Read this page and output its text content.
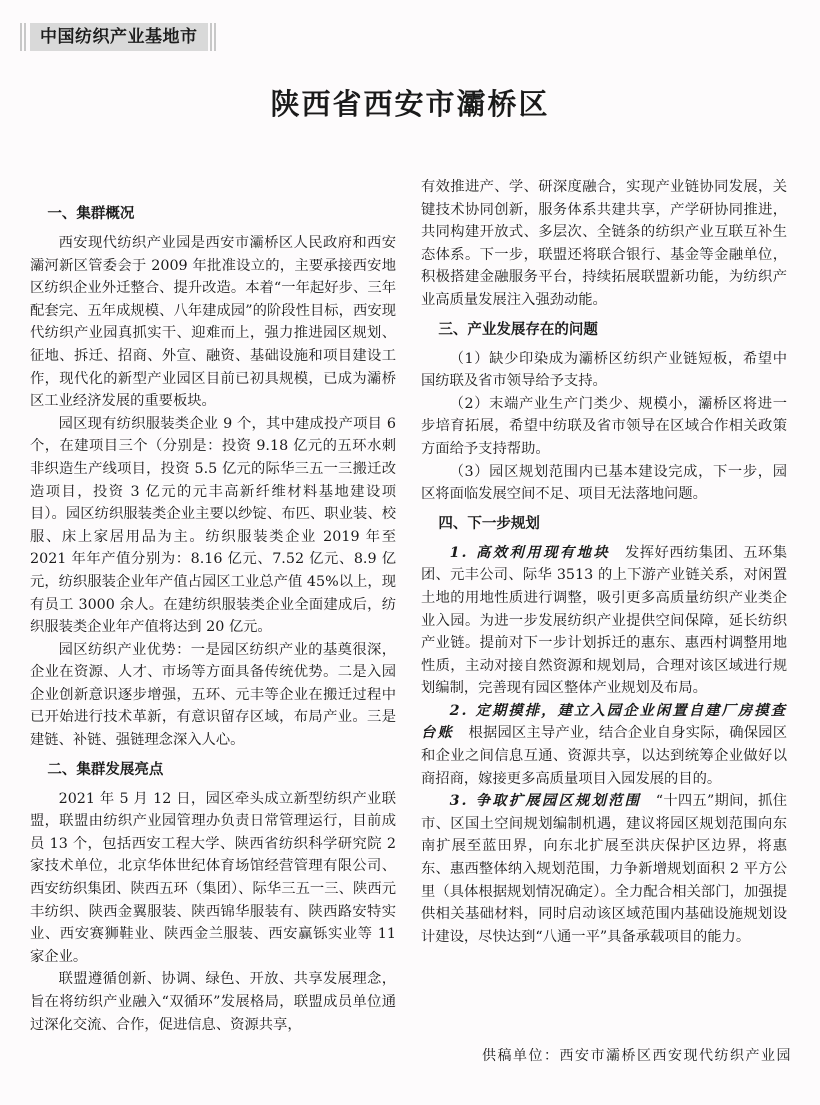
中国纺织产业基地市
陕西省西安市灞桥区
一、集群概况

西安现代纺织产业园是西安市灞桥区人民政府和西安灞河新区管委会于 2009 年批准设立的，主要承接西安地区纺织企业外迁整合、提升改造。本着“一年起好步、三年配套完、五年成规模、八年建成园”的阶段性目标，西安现代纺织产业园真抓实干、迎难而上，强力推进园区规划、征地、拆迁、招商、外宣、融资、基础设施和项目建设工作，现代化的新型产业园区目前已初具规模，已成为灞桥区工业经济发展的重要板块。

园区现有纺织服装类企业 9 个，其中建成投产项目 6 个，在建项目三个（分别是：投资 9.18 亿元的五环水刺非织造生产线项目，投资 5.5 亿元的际华三五一三搬迁改造项目，投资 3 亿元的元丰高新纤维材料基地建设项目）。园区纺织服装类企业主要以纱锭、布匹、职业装、校服、床上家居用品为主。纺织服装类企业 2019 年至 2021 年年产值分别为：8.16 亿元、7.52 亿元、8.9 亿元，纺织服装企业年产值占园区工业总产值 45%以上，现有员工 3000 余人。在建纺织服装类企业全面建成后，纺织服装类企业年产值将达到 20 亿元。

园区纺织产业优势：一是园区纺织产业的基奠很深，企业在资源、人才、市场等方面具备传统优势。二是入园企业创新意识逐步增强，五环、元丰等企业在搬迁过程中已开始进行技术革新，有意识留存区域，布局产业。三是建链、补链、强链理念深入人心。

二、集群发展亮点

2021 年 5 月 12 日，园区牵头成立新型纺织产业联盟，联盟由纺织产业园管理办负责日常管理运行，目前成员 13 个，包括西安工程大学、陕西省纺织科学研究院 2 家技术单位，北京华体世纪体育场馆经营管理有限公司、西安纺织集团、陕西五环（集团）、际华三五一三、陕西元丰纺织、陕西金翼服装、陕西锦华服装有、陕西路安特实业、西安赛狮鞋业、陕西金兰服装、西安赢铄实业等 11 家企业。

联盟遵循创新、协调、绿色、开放、共享发展理念，旨在将纺织产业融入“双循环”发展格局，联盟成员单位通过深化交流、合作，促进信息、资源共享，

有效推进产、学、研深度融合，实现产业链协同发展，关键技术协同创新，服务体系共建共享，产学研协同推进，共同构建开放式、多层次、全链条的纺织产业互联互补生态体系。下一步，联盟还将联合银行、基金等金融单位，积极搭建金融服务平台，持续拓展联盟新功能，为纺织产业高质量发展注入强劲动能。

三、产业发展存在的问题

（1）缺少印染成为灞桥区纺织产业链短板，希望中国纺联及省市领导给予支持。

（2）末端产业生产门类少、规模小，灞桥区将进一步培育拓展，希望中纺联及省市领导在区域合作相关政策方面给予支持帮助。

（3）园区规划范围内已基本建设完成，下一步，园区将面临发展空间不足、项目无法落地问题。

四、下一步规划

1. 高效利用现有地块　发挥好西纺集团、五环集团、元丰公司、际华 3513 的上下游产业链关系，对闲置土地的用地性质进行调整，吸引更多高质量纺织产业类企业入园。为进一步发展纺织产业提供空间保障，延长纺织产业链。提前对下一步计划拆迁的惠东、惠西村调整用地性质，主动对接自然资源和规划局，合理对该区域进行规划编制，完善现有园区整体产业规划及布局。

2. 定期摸排，建立入园企业闲置自建厂房摸查台账　根据园区主导产业，结合企业自身实际，确保园区和企业之间信息互通、资源共享，以达到统筹企业做好以商招商，嫁接更多高质量项目入园发展的目的。

3. 争取扩展园区规划范围　“十四五”期间，抓住市、区国土空间规划编制机遇，建议将园区规划范围向东南扩展至蓝田界，向东北扩展至洪庆保护区边界，将惠东、惠西整体纳入规划范围，力争新增规划面积 2 平方公里（具体根据规划情况确定）。全力配合相关部门，加强提供相关基础材料，同时启动该区域范围内基础设施规划设计建设，尽快达到“八通一平”具备承载项目的能力。

供稿单位：西安市灞桥区西安现代纺织产业园
